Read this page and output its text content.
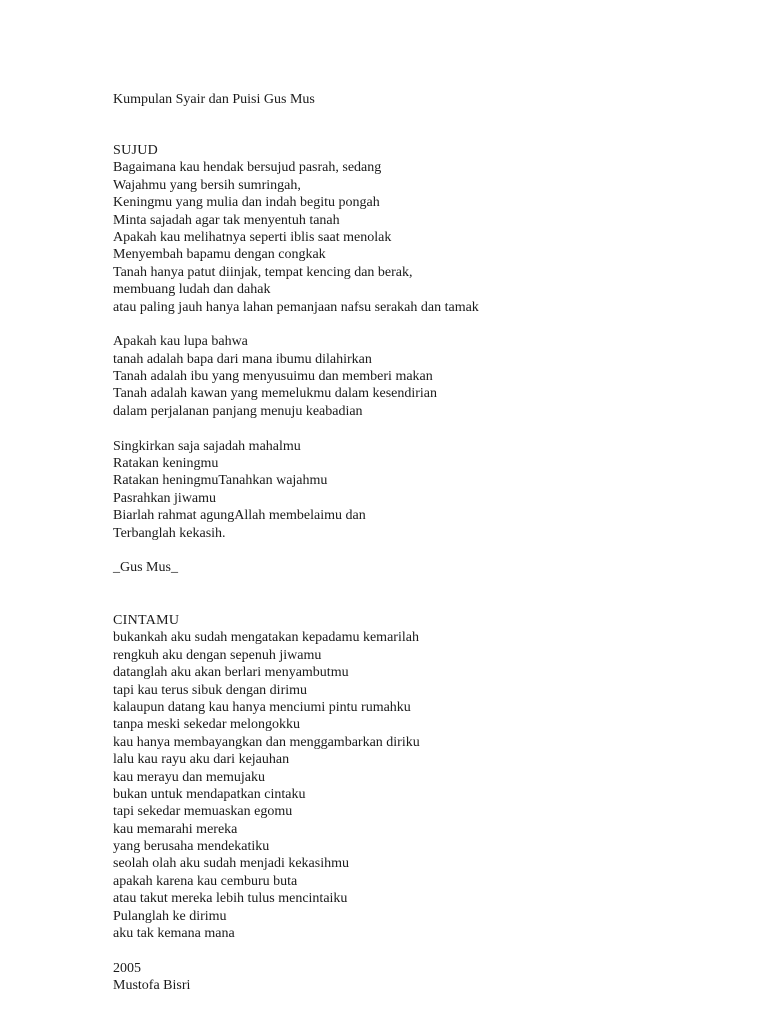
Kumpulan Syair dan Puisi Gus Mus
SUJUD
Bagaimana kau hendak bersujud pasrah, sedang
Wajahmu yang bersih sumringah,
Keningmu yang mulia dan indah begitu pongah
Minta sajadah agar tak menyentuh tanah
Apakah kau melihatnya seperti iblis saat menolak
Menyembah bapamu dengan congkak
Tanah hanya patut diinjak, tempat kencing dan berak,
membuang ludah dan dahak
atau paling jauh hanya lahan pemanjaan nafsu serakah dan tamak
Apakah kau lupa bahwa
tanah adalah bapa dari mana ibumu dilahirkan
Tanah adalah ibu yang menyusuimu dan memberi makan
Tanah adalah kawan yang memelukmu dalam kesendirian
dalam perjalanan panjang menuju keabadian
Singkirkan saja sajadah mahalmu
Ratakan keningmu
Ratakan heningmuTanahkan wajahmu
Pasrahkan jiwamu
Biarlah rahmat agungAllah membelaimu dan
Terbanglah kekasih.
_Gus Mus_
CINTAMU
bukankah aku sudah mengatakan kepadamu kemarilah
rengkuh aku dengan sepenuh jiwamu
datanglah aku akan berlari menyambutmu
tapi kau terus sibuk dengan dirimu
kalaupun datang kau hanya menciumi pintu rumahku
tanpa meski sekedar melongokku
kau hanya membayangkan dan menggambarkan diriku
lalu kau rayu aku dari kejauhan
kau merayu dan memujaku
bukan untuk mendapatkan cintaku
tapi sekedar memuaskan egomu
kau memarahi mereka
yang berusaha mendekatiku
seolah olah aku sudah menjadi kekasihmu
apakah karena kau cemburu buta
atau takut mereka lebih tulus mencintaiku
Pulanglah ke dirimu
aku tak kemana mana
2005
Mustofa Bisri
